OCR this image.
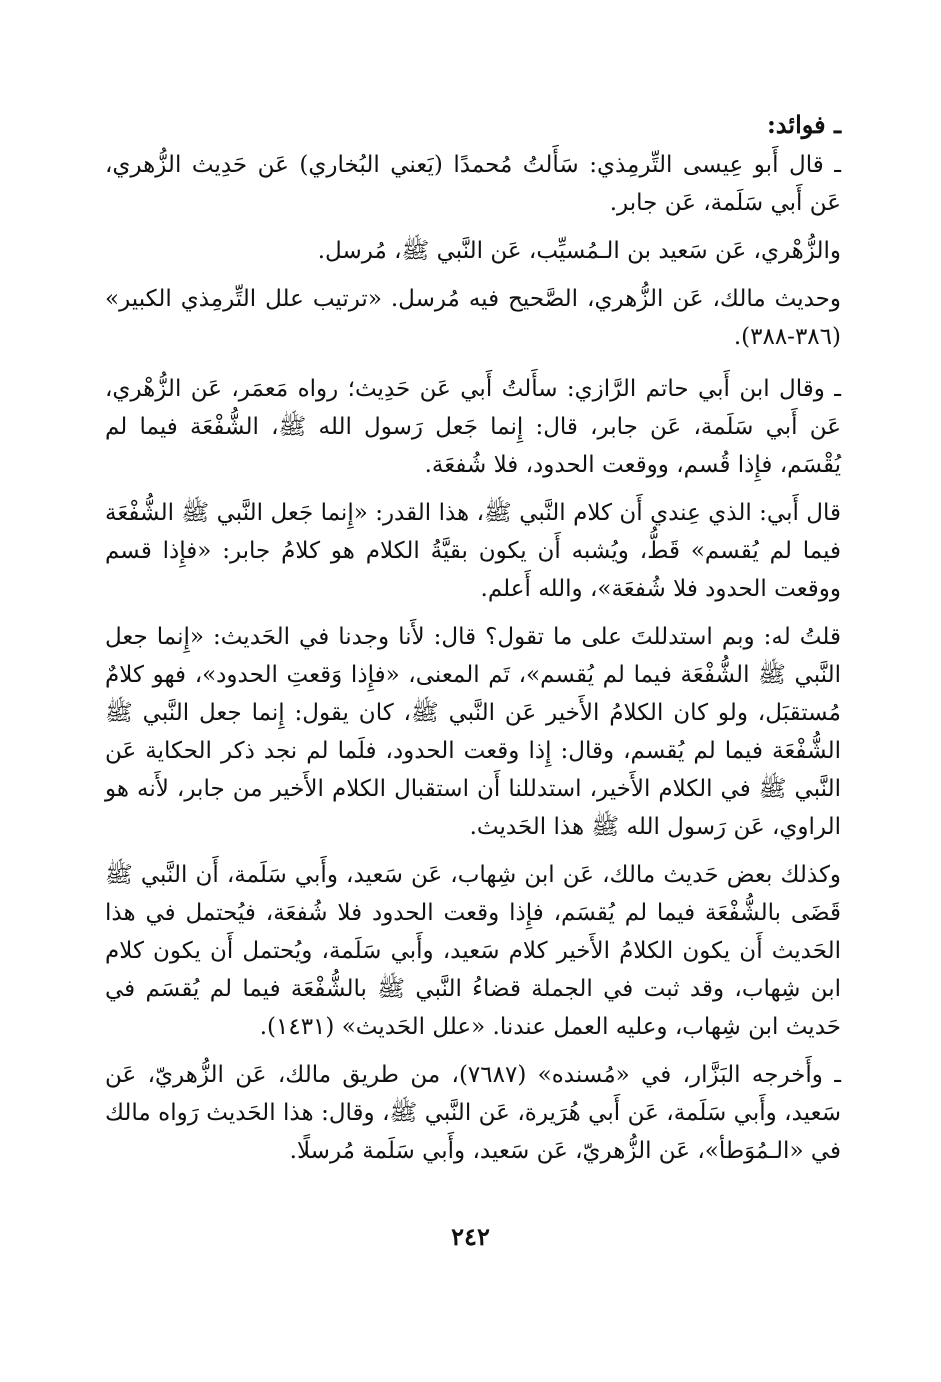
ـ فوائد:

ـ قال أَبو عِيسى التِّرمِذي: سَأَلتُ مُحمدًا (يَعني البُخاري) عَن حَدِيث الزُّهري، عَن أَبي سَلَمة، عَن جابر.

والزُّهْري، عَن سَعيد بن الـمُسيِّب، عَن النَّبي ﷺ، مُرسل.

وحديث مالك، عَن الزُّهري، الصَّحيح فيه مُرسل. «ترتيب علل التِّرمِذي الكبير» (٣٨٦-٣٨٨).

ـ وقال ابن أَبي حاتم الرَّازي: سأَلتُ أَبي عَن حَدِيث؛ رواه مَعمَر، عَن الزُّهْري، عَن أَبي سَلَمة، عَن جابر، قال: إِنما جَعل رَسول الله ﷺ، الشُّفْعَة فيما لم يُقْسَم، فإِذا قُسم، ووقعت الحدود، فلا شُفعَة.

قال أَبي: الذي عِندي أَن كلام النَّبي ﷺ، هذا القدر: «إِنما جَعل النَّبي ﷺ الشُّفْعَة فيما لم يُقسم» قَطُّ، ويُشبه أَن يكون بقيَّةُ الكلام هو كلامُ جابر: «فإِذا قسم ووقعت الحدود فلا شُفعَة»، والله أَعلم.

قلتُ له: وبم استدللتَ على ما تقول؟ قال: لأَنا وجدنا في الحَديث: «إِنما جعل النَّبي ﷺ الشُّفْعَة فيما لم يُقسم»، تَم المعنى، «فإِذا وَقعتِ الحدود»، فهو كلامٌ مُستقبَل، ولو كان الكلامُ الأَخير عَن النَّبي ﷺ، كان يقول: إِنما جعل النَّبي ﷺ الشُّفْعَة فيما لم يُقسم، وقال: إِذا وقعت الحدود، فلَما لم نجد ذكر الحكاية عَن النَّبي ﷺ في الكلام الأَخير، استدللنا أَن استقبال الكلام الأَخير من جابر، لأَنه هو الراوي، عَن رَسول الله ﷺ هذا الحَديث.

وكذلك بعض حَديث مالك، عَن ابن شِهاب، عَن سَعيد، وأَبي سَلَمة، أَن النَّبي ﷺ قَضَى بالشُّفْعَة فيما لم يُقسَم، فإِذا وقعت الحدود فلا شُفعَة، فيُحتمل في هذا الحَديث أَن يكون الكلامُ الأَخير كلام سَعيد، وأَبي سَلَمة، ويُحتمل أَن يكون كلام ابن شِهاب، وقد ثبت في الجملة قضاءُ النَّبي ﷺ بالشُّفْعَة فيما لم يُقسَم في حَديث ابن شِهاب، وعليه العمل عندنا. «علل الحَديث» (١٤٣١).

ـ وأَخرجه البَزَّار، في «مُسنده» (٧٦٨٧)، من طريق مالك، عَن الزُّهريّ، عَن سَعيد، وأَبي سَلَمة، عَن أَبي هُرَيرة، عَن النَّبي ﷺ، وقال: هذا الحَديث رَواه مالك في «الـمُوَطأ»، عَن الزُّهريّ، عَن سَعيد، وأَبي سَلَمة مُرسلًا.

٢٤٢
